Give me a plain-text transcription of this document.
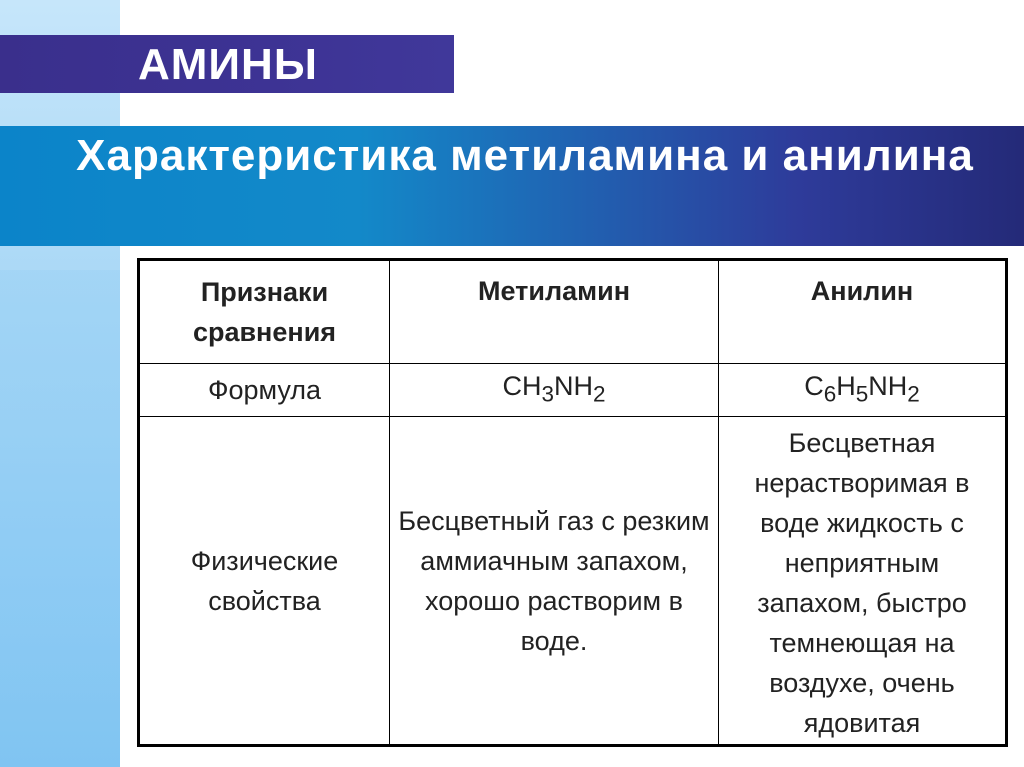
АМИНЫ
Характеристика метиламина и анилина
Признаки сравнения	Метиламин	Анилин
Формула	$CH_3NH_2$	$C_6H_5NH_2$
Физические свойства	Бесцветный газ с резким аммиачным запахом, хорошо растворим в воде.	Бесцветная нерастворимая в воде жидкость с неприятным запахом, быстро темнеющая на воздухе, очень ядовитая
